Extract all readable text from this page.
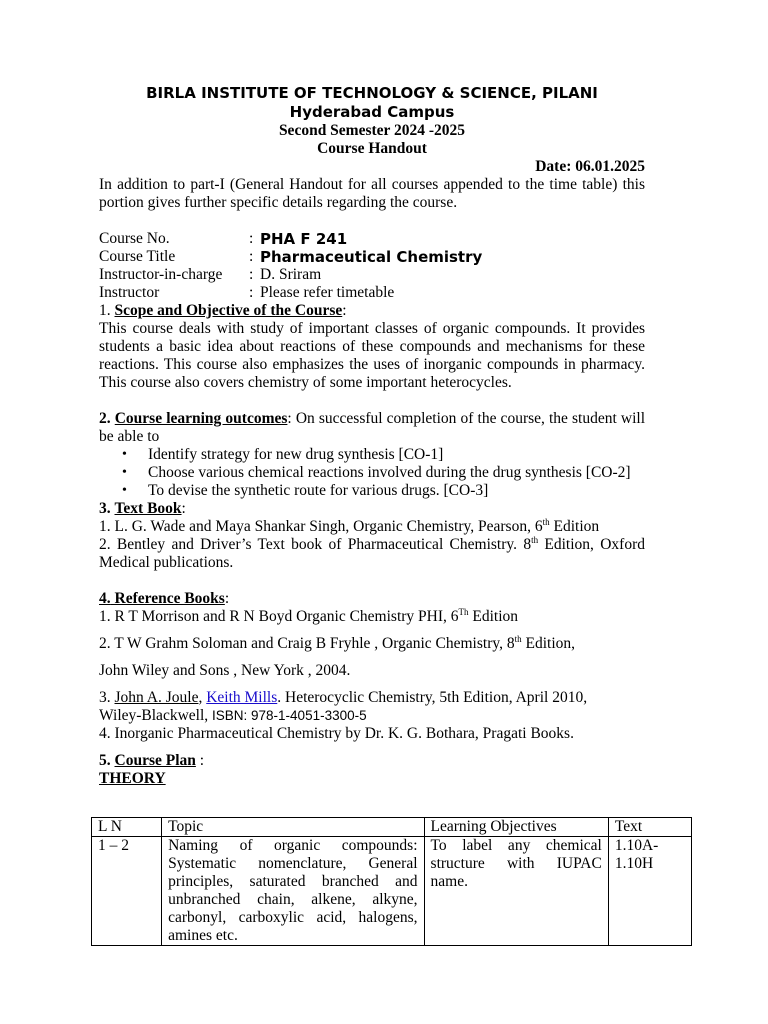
BIRLA INSTITUTE OF TECHNOLOGY & SCIENCE, PILANI
Hyderabad Campus
Second Semester 2024 -2025
Course Handout
Date: 06.01.2025
In addition to part-I (General Handout for all courses appended to the time table) this portion gives further specific details regarding the course.
Course No.	: PHA F 241
Course Title	: Pharmaceutical Chemistry
Instructor-in-charge	: D. Sriram
Instructor	: Please refer timetable
1. Scope and Objective of the Course:
This course deals with study of important classes of organic compounds. It provides students a basic idea about reactions of these compounds and mechanisms for these reactions. This course also emphasizes the uses of inorganic compounds in pharmacy. This course also covers chemistry of some important heterocycles.
2. Course learning outcomes: On successful completion of the course, the student will be able to
• Identify strategy for new drug synthesis [CO-1]
• Choose various chemical reactions involved during the drug synthesis [CO-2]
• To devise the synthetic route for various drugs. [CO-3]
3. Text Book:
1. L. G. Wade and Maya Shankar Singh, Organic Chemistry, Pearson, 6th Edition
2. Bentley and Driver’s Text book of Pharmaceutical Chemistry. 8th Edition, Oxford Medical publications.
4. Reference Books:
1. R T Morrison and R N Boyd Organic Chemistry PHI, 6Th Edition
2. T W Grahm Soloman and Craig B Fryhle , Organic Chemistry, 8th Edition,
John Wiley and Sons , New York , 2004.
3. John A. Joule, Keith Mills. Heterocyclic Chemistry, 5th Edition, April 2010,
Wiley-Blackwell, ISBN: 978-1-4051-3300-5
4. Inorganic Pharmaceutical Chemistry by Dr. K. G. Bothara, Pragati Books.
5. Course Plan :
THEORY
L N	Topic	Learning Objectives	Text
1 – 2	Naming of organic compounds: Systematic nomenclature, General principles, saturated branched and unbranched chain, alkene, alkyne, carbonyl, carboxylic acid, halogens, amines etc.	To label any chemical structure with IUPAC name.	1.10A-1.10H
